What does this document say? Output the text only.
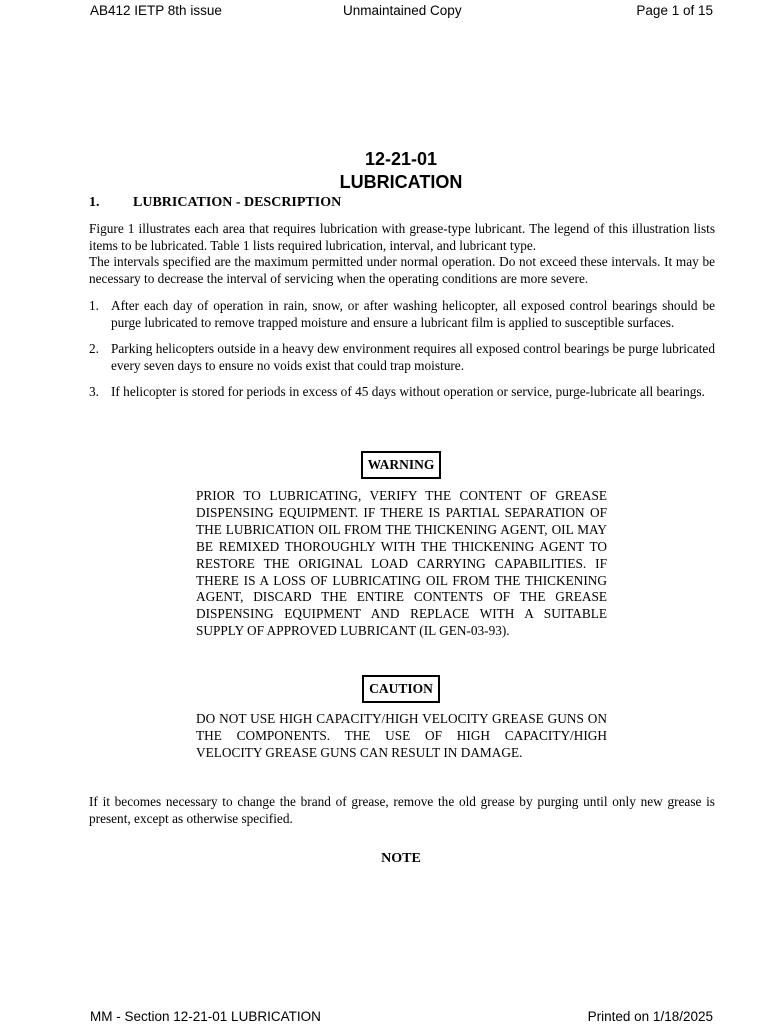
AB412 IETP 8th issue	Unmaintained Copy	Page 1 of 15
12-21-01
LUBRICATION
1. LUBRICATION - DESCRIPTION

Figure 1 illustrates each area that requires lubrication with grease-type lubricant. The legend of this illustration lists items to be lubricated. Table 1 lists required lubrication, interval, and lubricant type.

The intervals specified are the maximum permitted under normal operation. Do not exceed these intervals. It may be necessary to decrease the interval of servicing when the operating conditions are more severe.

1. After each day of operation in rain, snow, or after washing helicopter, all exposed control bearings should be purge lubricated to remove trapped moisture and ensure a lubricant film is applied to susceptible surfaces.
2. Parking helicopters outside in a heavy dew environment requires all exposed control bearings be purge lubricated every seven days to ensure no voids exist that could trap moisture.
3. If helicopter is stored for periods in excess of 45 days without operation or service, purge-lubricate all bearings.
WARNING

PRIOR TO LUBRICATING, VERIFY THE CONTENT OF GREASE DISPENSING EQUIPMENT. IF THERE IS PARTIAL SEPARATION OF THE LUBRICATION OIL FROM THE THICKENING AGENT, OIL MAY BE REMIXED THOROUGHLY WITH THE THICKENING AGENT TO RESTORE THE ORIGINAL LOAD CARRYING CAPABILITIES. IF THERE IS A LOSS OF LUBRICATING OIL FROM THE THICKENING AGENT, DISCARD THE ENTIRE CONTENTS OF THE GREASE DISPENSING EQUIPMENT AND REPLACE WITH A SUITABLE SUPPLY OF APPROVED LUBRICANT (IL GEN-03-93).

CAUTION

DO NOT USE HIGH CAPACITY/HIGH VELOCITY GREASE GUNS ON THE COMPONENTS. THE USE OF HIGH CAPACITY/HIGH VELOCITY GREASE GUNS CAN RESULT IN DAMAGE.

If it becomes necessary to change the brand of grease, remove the old grease by purging until only new grease is present, except as otherwise specified.

NOTE
MM - Section 12-21-01 LUBRICATION	Printed on 1/18/2025
